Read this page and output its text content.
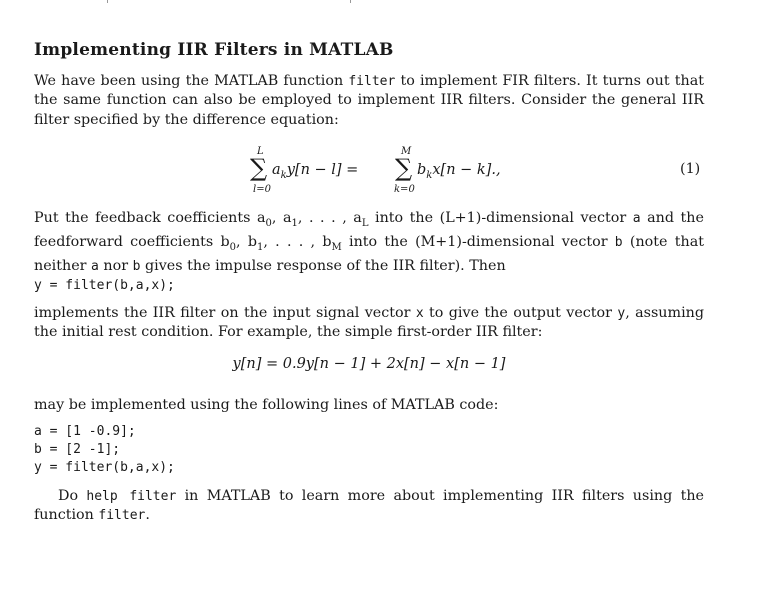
Implementing IIR Filters in MATLAB

We have been using the MATLAB function filter to implement FIR filters. It turns out that the same function can also be employed to implement IIR filters. Consider the general IIR filter specified by the difference equation:

L
∑
l=0
$a_ky[n - l]$ =
M
∑
k=0
$b_kx[n - k]$.,	(1)

Put the feedback coefficients $a_0$, $a_1$, . . . , $a_L$ into the (L+1)-dimensional vector a and the feedforward coefficients $b_0$, $b_1$, . . . , $b_M$ into the (M+1)-dimensional vector b (note that neither a nor b gives the impulse response of the IIR filter). Then

y = filter(b,a,x);

implements the IIR filter on the input signal vector x to give the output vector y, assuming the initial rest condition. For example, the simple first-order IIR filter:

y[n] = 0.9y[n − 1] + 2x[n] − x[n − 1]

may be implemented using the following lines of MATLAB code:

a = [1 -0.9];
b = [2 -1];
y = filter(b,a,x);

Do help filter in MATLAB to learn more about implementing IIR filters using the function filter.
